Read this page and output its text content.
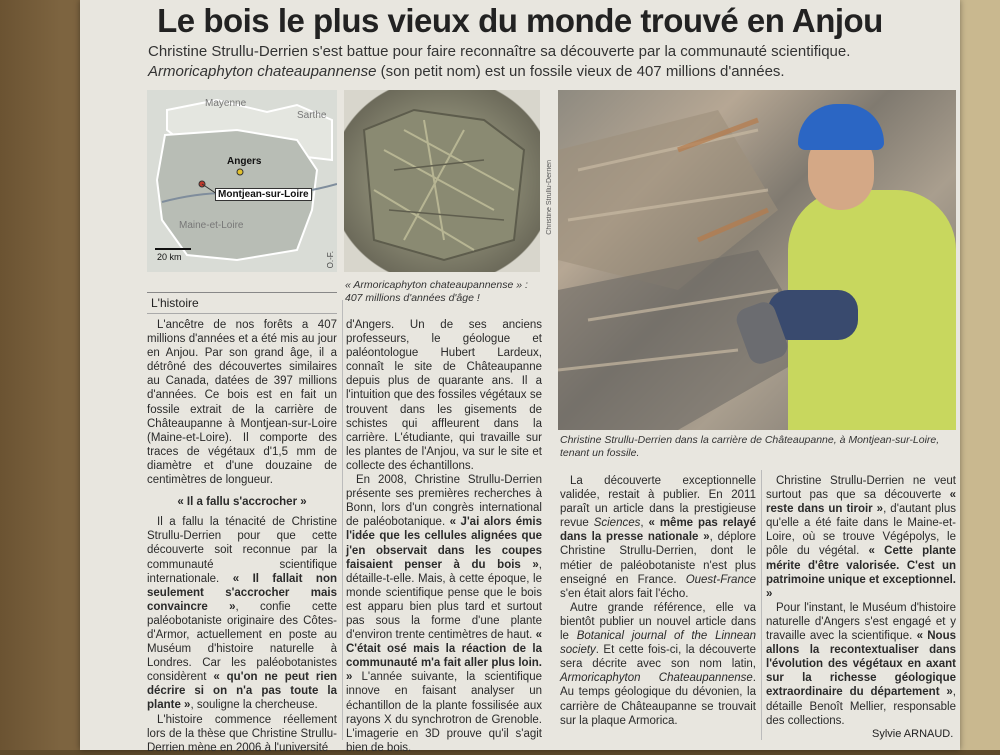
Le bois le plus vieux du monde trouvé en Anjou
Christine Strullu-Derrien s'est battue pour faire reconnaître sa découverte par la communauté scientifique.
Armoricaphyton chateaupannense (son petit nom) est un fossile vieux de 407 millions d'années.
Mayenne
Sarthe
Maine-et-Loire
Angers
Montjean-sur-Loire
20 km	O.-F.
Christine Strullu-Derrien
« Armoricaphyton chateaupannense » : 407 millions d'années d'âge !
Christine Strullu-Derrien dans la carrière de Châteaupanne, à Montjean-sur-Loire, tenant un fossile.
L'histoire

L'ancêtre de nos forêts a 407 millions d'années et a été mis au jour en Anjou. Par son grand âge, il a détrôné des découvertes similaires au Canada, datées de 397 millions d'années. Ce bois est en fait un fossile extrait de la carrière de Châteaupanne à Montjean-sur-Loire (Maine-et-Loire). Il comporte des traces de végétaux d'1,5 mm de diamètre et d'une douzaine de centimètres de longueur.

« Il a fallu s'accrocher »

Il a fallu la ténacité de Christine Strullu-Derrien pour que cette découverte soit reconnue par la communauté scientifique internationale. « Il fallait non seulement s'accrocher mais convaincre », confie cette paléobotaniste originaire des Côtes-d'Armor, actuellement en poste au Muséum d'histoire naturelle à Londres. Car les paléobotanistes considèrent « qu'on ne peut rien décrire si on n'a pas toute la plante », souligne la chercheuse.

L'histoire commence réellement lors de la thèse que Christine Strullu-Derrien mène en 2006 à l'université

d'Angers. Un de ses anciens professeurs, le géologue et paléontologue Hubert Lardeux, connaît le site de Châteaupanne depuis plus de quarante ans. Il a l'intuition que des fossiles végétaux se trouvent dans les gisements de schistes qui affleurent dans la carrière. L'étudiante, qui travaille sur les plantes de l'Anjou, va sur le site et collecte des échantillons.

En 2008, Christine Strullu-Derrien présente ses premières recherches à Bonn, lors d'un congrès international de paléobotanique. « J'ai alors émis l'idée que les cellules alignées que j'en observait dans les coupes faisaient penser à du bois », détaille-t-elle. Mais, à cette époque, le monde scientifique pense que le bois est apparu bien plus tard et surtout pas sous la forme d'une plante d'environ trente centimètres de haut. « C'était osé mais la réaction de la communauté m'a fait aller plus loin. » L'année suivante, la scientifique innove en faisant analyser un échantillon de la plante fossilisée aux rayons X du synchrotron de Grenoble. L'imagerie en 3D prouve qu'il s'agit bien de bois.

La découverte exceptionnelle validée, restait à publier. En 2011 paraît un article dans la prestigieuse revue Sciences, « même pas relayé dans la presse nationale », déplore Christine Strullu-Derrien, dont le métier de paléobotaniste n'est plus enseigné en France. Ouest-France s'en était alors fait l'écho.

Autre grande référence, elle va bientôt publier un nouvel article dans le Botanical journal of the Linnean society. Et cette fois-ci, la découverte sera décrite avec son nom latin, Armoricaphyton Chateaupannense. Au temps géologique du dévonien, la carrière de Châteaupanne se trouvait sur la plaque Armorica.

Christine Strullu-Derrien ne veut surtout pas que sa découverte « reste dans un tiroir », d'autant plus qu'elle a été faite dans le Maine-et-Loire, où se trouve Végépolys, le pôle du végétal. « Cette plante mérite d'être valorisée. C'est un patrimoine unique et exceptionnel. »

Pour l'instant, le Muséum d'histoire naturelle d'Angers s'est engagé et y travaille avec la scientifique. « Nous allons la recontextualiser dans l'évolution des végétaux en axant sur la richesse géologique extraordinaire du département », détaille Benoît Mellier, responsable des collections.

Sylvie ARNAUD.
